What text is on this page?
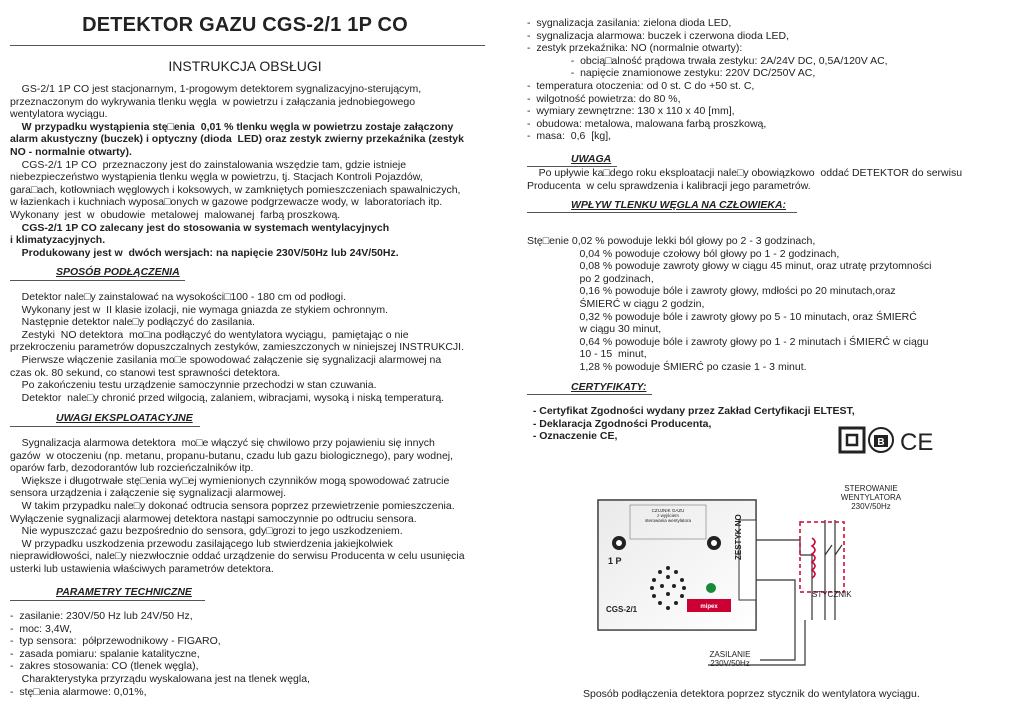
DETEKTOR GAZU CGS-2/1 1P CO
INSTRUKCJA OBSŁUGI
GS-2/1 1P CO jest stacjonarnym, 1-progowym detektorem sygnalizacyjno-sterującym,
przeznaczonym do wykrywania tlenku węgla  w powietrzu i załączania jednobiegowego
wentylatora wyciągu.
W przypadku wystąpienia stę□enia  0,01 % tlenku węgla w powietrzu zostaje załączony
alarm akustyczny (buczek) i optyczny (dioda  LED) oraz zestyk zwierny przekaźnika (zestyk
NO - normalnie otwarty).
CGS-2/1 1P CO  przeznaczony jest do zainstalowania wszędzie tam, gdzie istnieje
niebezpieczeństwo wystąpienia tlenku węgla w powietrzu, tj. Stacjach Kontroli Pojazdów,
gara□ach, kotłowniach węglowych i koksowych, w zamkniętych pomieszczeniach spawalniczych,
w łazienkach i kuchniach wyposa□onych w gazowe podgrzewacze wody, w  laboratoriach itp.
Wykonany  jest  w  obudowie  metalowej  malowanej  farbą proszkową.
CGS-2/1 1P CO zalecany jest do stosowania w systemach wentylacyjnych
i klimatyzacyjnych.
Produkowany jest w  dwóch wersjach: na napięcie 230V/50Hz lub 24V/50Hz.
SPOSÓB PODŁĄCZENIA
Detektor nale□y zainstalować na wysokości□100 - 180 cm od podłogi.
Wykonany jest w  II klasie izolacji, nie wymaga gniazda ze stykiem ochronnym.
Następnie detektor nale□y podłączyć do zasilania.
Zestyki  NO detektora  mo□na podłączyć do wentylatora wyciągu,  pamiętając o nie
przekroczeniu parametrów dopuszczalnych zestyków, zamieszczonych w niniejszej INSTRUKCJI.
Pierwsze włączenie zasilania mo□e spowodować załączenie się sygnalizacji alarmowej na
czas ok. 80 sekund, co stanowi test sprawności detektora.
Po zakończeniu testu urządzenie samoczynnie przechodzi w stan czuwania.
Detektor  nale□y chronić przed wilgocią, zalaniem, wibracjami, wysoką i niską temperaturą.
UWAGI EKSPLOATACYJNE
Sygnalizacja alarmowa detektora  mo□e włączyć się chwilowo przy pojawieniu się innych
gazów  w otoczeniu (np. metanu, propanu-butanu, czadu lub gazu biologicznego), pary wodnej,
oparów farb, dezodorantów lub rozcieńczalników itp.
Większe i długotrwałe stę□enia wy□ej wymienionych czynników mogą spowodować zatrucie
sensora urządzenia i załączenie się sygnalizacji alarmowej.
W takim przypadku nale□y dokonać odtrucia sensora poprzez przewietrzenie pomieszczenia.
Wyłączenie sygnalizacji alarmowej detektora nastąpi samoczynnie po odtruciu sensora.
Nie wypuszczać gazu bezpośrednio do sensora, gdy□grozi to jego uszkodzeniem.
W przypadku uszkodzenia przewodu zasilającego lub stwierdzenia jakiejkolwiek
nieprawidłowości, nale□y niezwłocznie oddać urządzenie do serwisu Producenta w celu usunięcia
usterki lub ustawienia właściwych parametrów detektora.
PARAMETRY TECHNICZNE
-  zasilanie: 230V/50 Hz lub 24V/50 Hz,
-  moc: 3,4W,
-  typ sensora:  półprzewodnikowy - FIGARO,
-  zasada pomiaru: spalanie katalityczne,
-  zakres stosowania: CO (tlenek węgla),
Charakterystyka przyrządu wyskalowana jest na tlenek węgla,
-  stę□enia alarmowe: 0,01%,
-  sygnalizacja zasilania: zielona dioda LED,
-  sygnalizacja alarmowa: buczek i czerwona dioda LED,
-  zestyk przekaźnika: NO (normalnie otwarty):
-  obcią□alność prądowa trwała zestyku: 2A/24V DC, 0,5A/120V AC,
-  napięcie znamionowe zestyku: 220V DC/250V AC,
-  temperatura otoczenia: od 0 st. C do +50 st. C,
-  wilgotność powietrza: do 80 %,
-  wymiary zewnętrzne: 130 x 110 x 40 [mm],
-  obudowa: metalowa, malowana farbą proszkową,
-  masa:  0,6  [kg],
UWAGA
Po upływie ka□dego roku eksploatacji nale□y obowiązkowo  oddać DETEKTOR do serwisu
Producenta  w celu sprawdzenia i kalibracji jego parametrów.
WPŁYW TLENKU WĘGLA NA CZŁOWIEKA:
Stę□enie 0,02 % powoduje lekki ból głowy po 2 - 3 godzinach,
0,04 % powoduje czołowy ból głowy po 1 - 2 godzinach,
0,08 % powoduje zawroty głowy w ciągu 45 minut, oraz utratę przytomności
po 2 godzinach,
0,16 % powoduje bóle i zawroty głowy, mdłości po 20 minutach,oraz
ŚMIERĆ w ciągu 2 godzin,
0,32 % powoduje bóle i zawroty głowy po 5 - 10 minutach, oraz ŚMIERĆ
w ciągu 30 minut,
0,64 % powoduje bóle i zawroty głowy po 1 - 2 minutach i ŚMIERĆ w ciągu
10 - 15  minut,
1,28 % powoduje ŚMIERĆ po czasie 1 - 3 minut.
CERTYFIKATY:
- Certyfikat Zgodności wydany przez Zakład Certyfikacji ELTEST,
- Deklaracja Zgodności Producenta,
- Oznaczenie CE,
B CE
mipex
STEROWANIE
WENTYLATORA
230V/50Hz
CZUJNIK GAZU
z wyjściem
sterowania wentylatora
1 P
CGS-2/1
ZESTYK NO
STYCZNIK
ZASILANIE
230V/50Hz
Sposób podłączenia detektora poprzez stycznik do wentylatora wyciągu.
